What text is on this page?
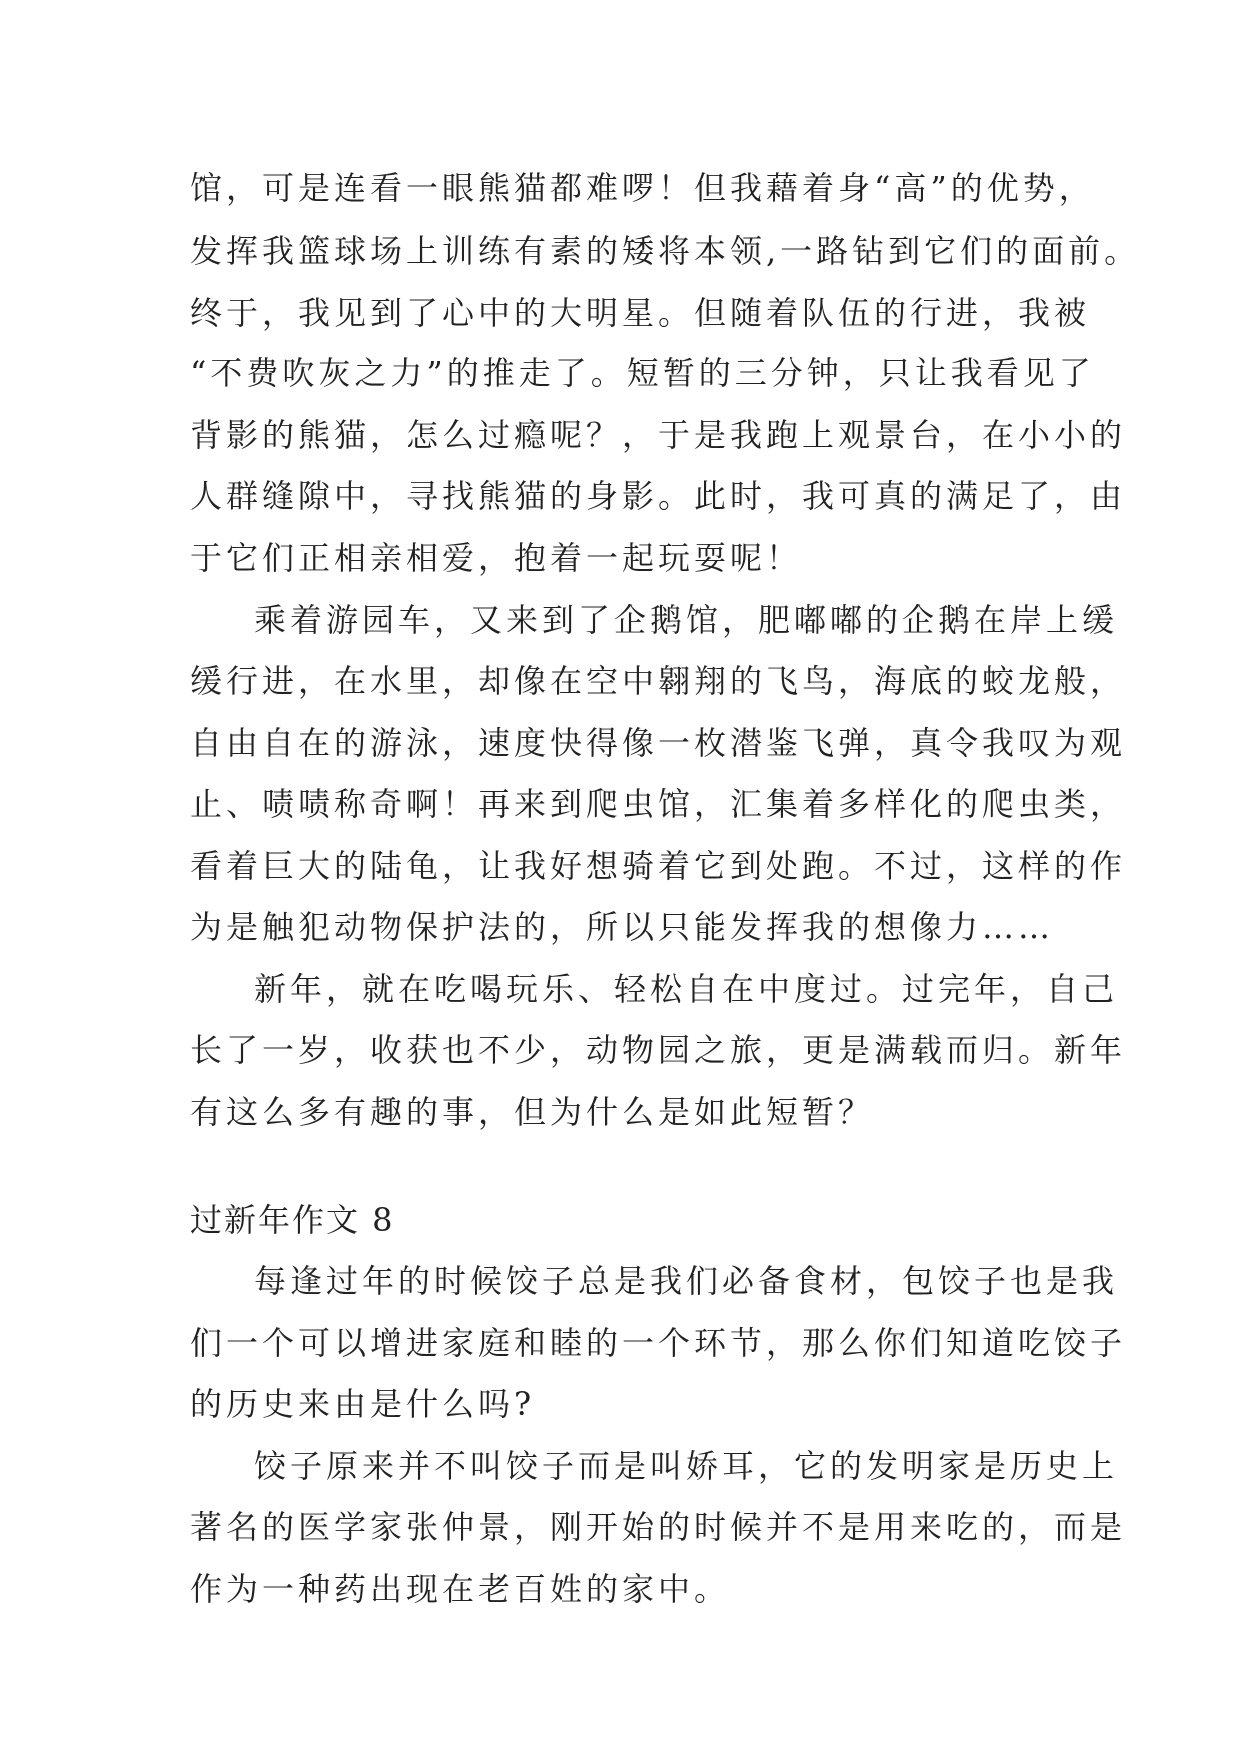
馆，可是连看一眼熊猫都难啰！但我藉着身“高”的优势，
发挥我篮球场上训练有素的矮将本领,一路钻到它们的面前。
终于，我见到了心中的大明星。但随着队伍的行进，我被
“不费吹灰之力”的推走了。短暂的三分钟，只让我看见了
背影的熊猫，怎么过瘾呢？，于是我跑上观景台，在小小的
人群缝隙中，寻找熊猫的身影。此时，我可真的满足了，由
于它们正相亲相爱，抱着一起玩耍呢！
乘着游园车，又来到了企鹅馆，肥嘟嘟的企鹅在岸上缓
缓行进，在水里，却像在空中翱翔的飞鸟，海底的蛟龙般，
自由自在的游泳，速度快得像一枚潜鉴飞弹，真令我叹为观
止、啧啧称奇啊！再来到爬虫馆，汇集着多样化的爬虫类，
看着巨大的陆龟，让我好想骑着它到处跑。不过，这样的作
为是触犯动物保护法的，所以只能发挥我的想像力……
新年，就在吃喝玩乐、轻松自在中度过。过完年，自己
长了一岁，收获也不少，动物园之旅，更是满载而归。新年
有这么多有趣的事，但为什么是如此短暂？
过新年作文 8
每逢过年的时候饺子总是我们必备食材，包饺子也是我
们一个可以增进家庭和睦的一个环节，那么你们知道吃饺子
的历史来由是什么吗?
饺子原来并不叫饺子而是叫娇耳，它的发明家是历史上
著名的医学家张仲景，刚开始的时候并不是用来吃的，而是
作为一种药出现在老百姓的家中。
